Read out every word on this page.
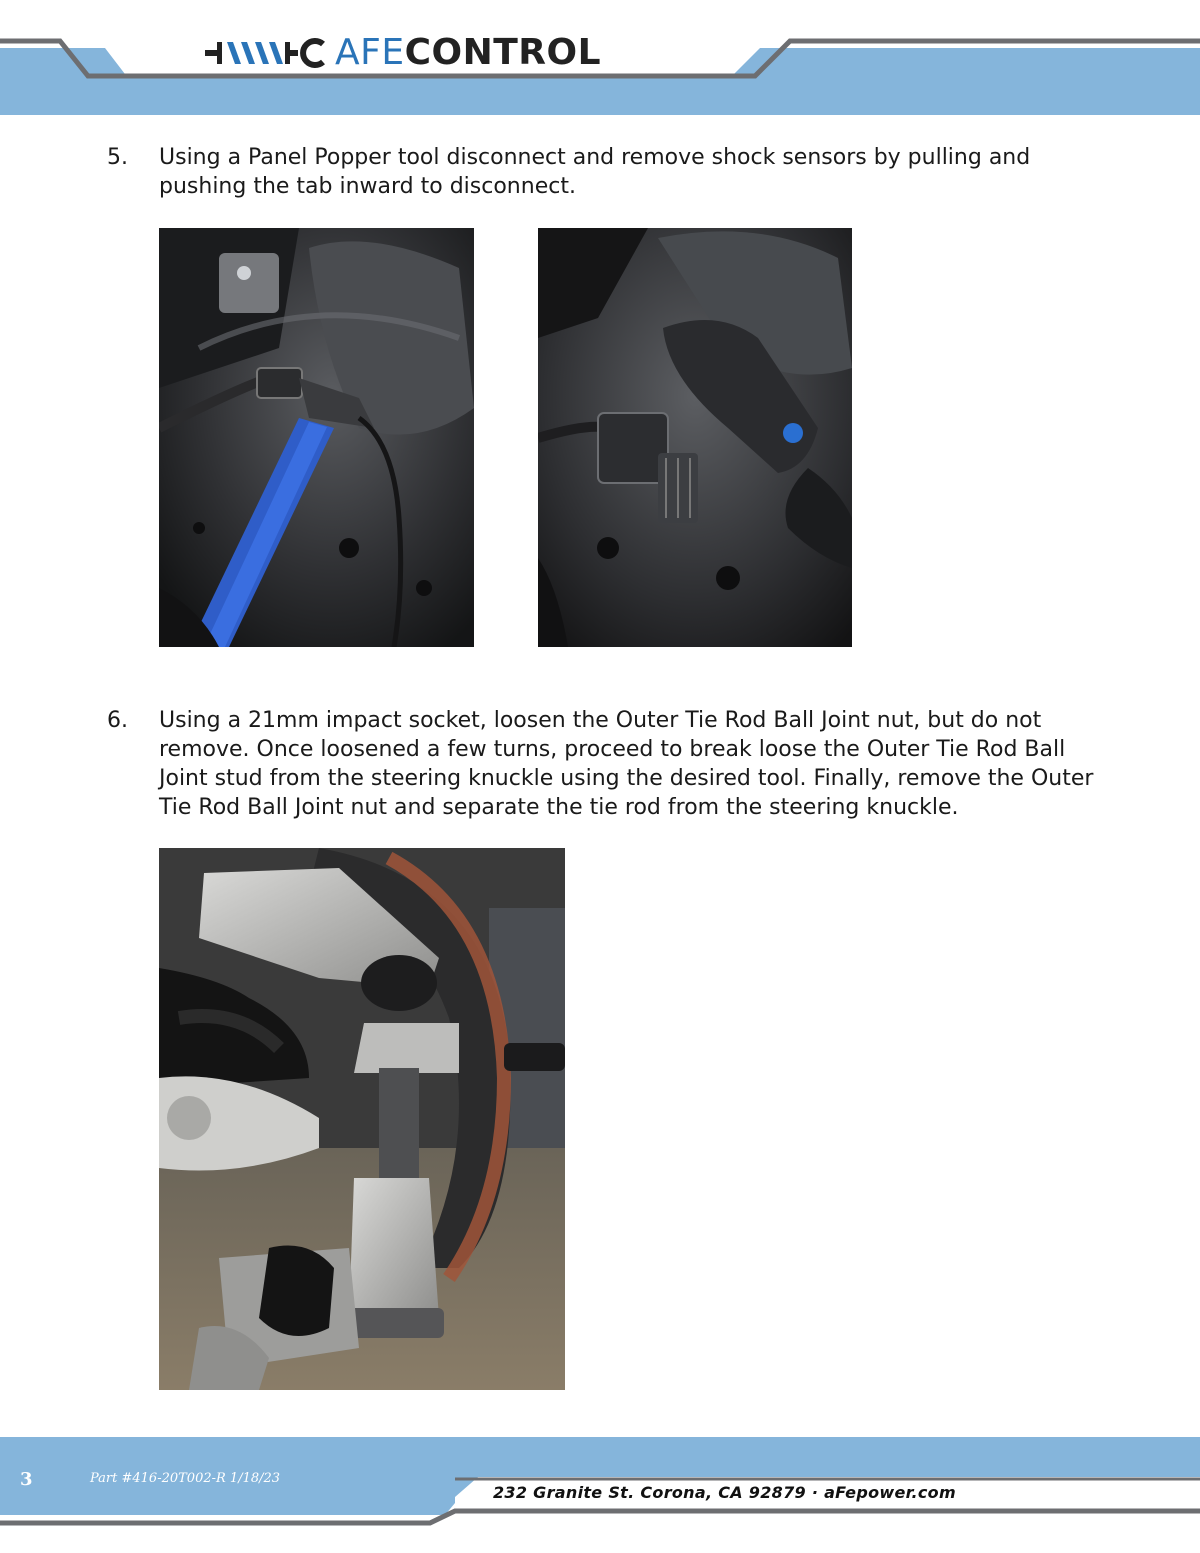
AFECONTROL
5. Using a Panel Popper tool disconnect and remove shock sensors by pulling and pushing the tab inward to disconnect.
6. Using a 21mm impact socket, loosen the Outer Tie Rod Ball Joint nut, but do not remove. Once loosened a few turns, proceed to break loose the Outer Tie Rod Ball Joint stud from the steering knuckle using the desired tool. Finally, remove the Outer Tie Rod Ball Joint nut and separate the tie rod from the steering knuckle.
3	Part #416-20T002-R 1/18/23
232 Granite St. Corona, CA 92879 · aFepower.com
